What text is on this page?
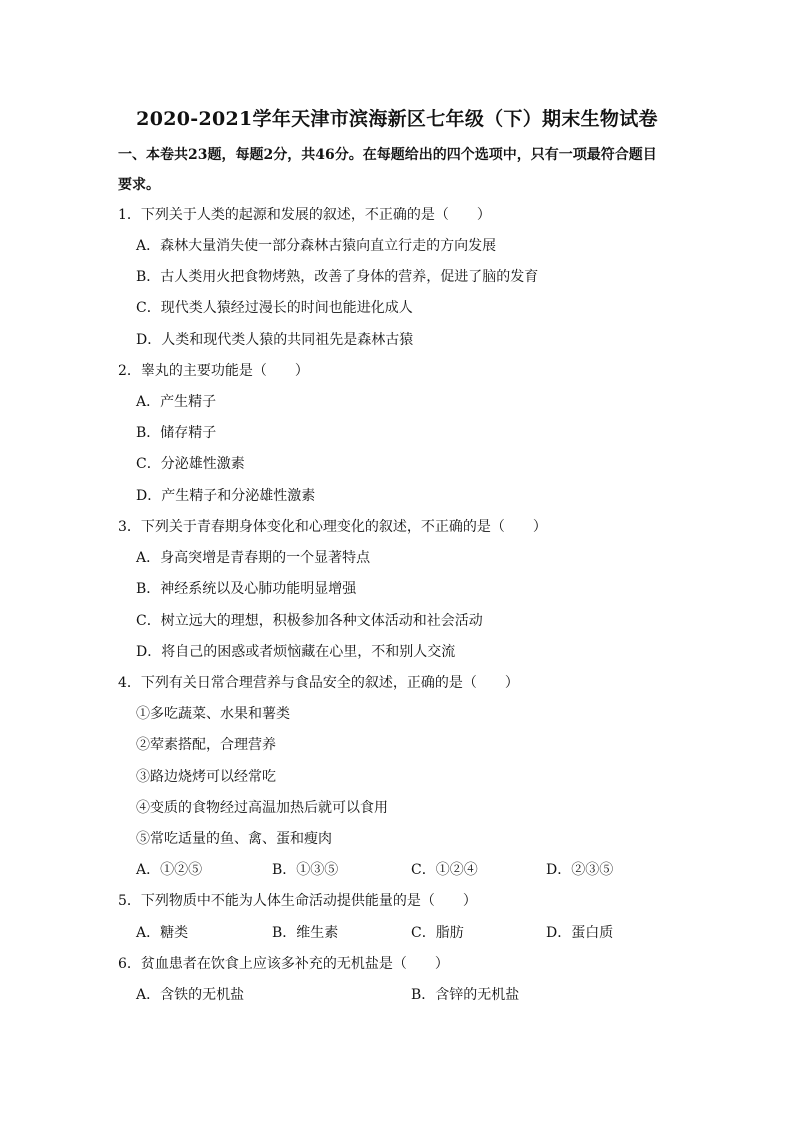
2020-2021学年天津市滨海新区七年级（下）期末生物试卷
一、本卷共23题，每题2分，共46分。在每题给出的四个选项中，只有一项最符合题目
要求。
1．下列关于人类的起源和发展的叙述，不正确的是（　　）
A．森林大量消失使一部分森林古猿向直立行走的方向发展
B．古人类用火把食物烤熟，改善了身体的营养，促进了脑的发育
C．现代类人猿经过漫长的时间也能进化成人
D．人类和现代类人猿的共同祖先是森林古猿
2．睾丸的主要功能是（　　）
A．产生精子
B．储存精子
C．分泌雄性激素
D．产生精子和分泌雄性激素
3．下列关于青春期身体变化和心理变化的叙述，不正确的是（　　）
A．身高突增是青春期的一个显著特点
B．神经系统以及心肺功能明显增强
C．树立远大的理想，积极参加各种文体活动和社会活动
D．将自己的困惑或者烦恼藏在心里，不和别人交流
4．下列有关日常合理营养与食品安全的叙述，正确的是（　　）
①多吃蔬菜、水果和薯类
②荤素搭配，合理营养
③路边烧烤可以经常吃
④变质的食物经过高温加热后就可以食用
⑤常吃适量的鱼、禽、蛋和瘦肉
A．①②⑤	B．①③⑤	C．①②④	D．②③⑤
5．下列物质中不能为人体生命活动提供能量的是（　　）
A．糖类	B．维生素	C．脂肪	D．蛋白质
6．贫血患者在饮食上应该多补充的无机盐是（　　）
A．含铁的无机盐	B．含锌的无机盐
